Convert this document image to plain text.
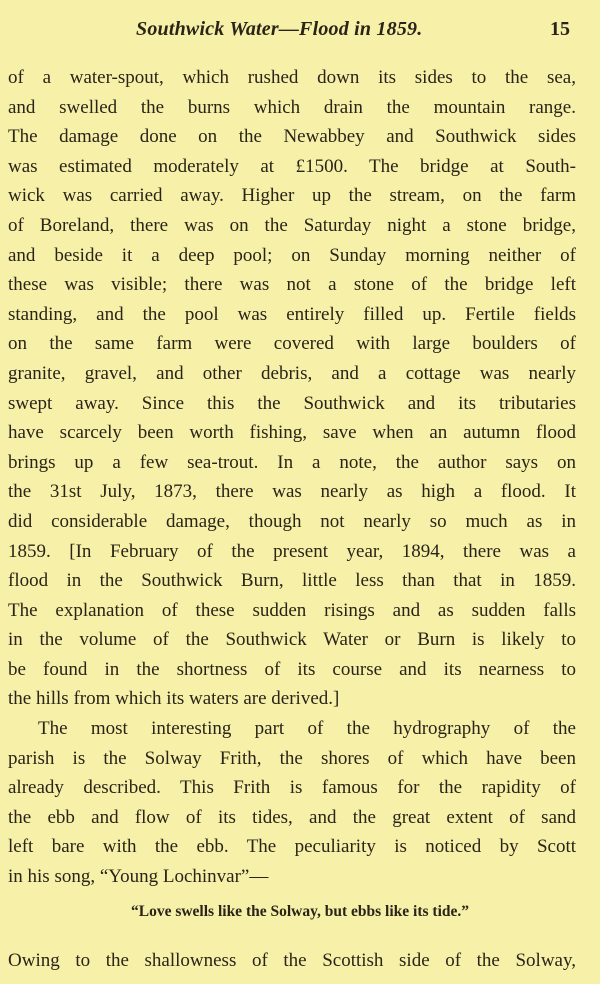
Southwick Water—Flood in 1859.	15
of a water-spout, which rushed down its sides to the sea,
and swelled the burns which drain the mountain range.
The damage done on the Newabbey and Southwick sides
was estimated moderately at £1500. The bridge at South-
wick was carried away. Higher up the stream, on the farm
of Boreland, there was on the Saturday night a stone bridge,
and beside it a deep pool; on Sunday morning neither of
these was visible; there was not a stone of the bridge left
standing, and the pool was entirely filled up. Fertile fields
on the same farm were covered with large boulders of
granite, gravel, and other debris, and a cottage was nearly
swept away. Since this the Southwick and its tributaries
have scarcely been worth fishing, save when an autumn flood
brings up a few sea-trout. In a note, the author says on
the 31st July, 1873, there was nearly as high a flood. It
did considerable damage, though not nearly so much as in
1859. [In February of the present year, 1894, there was a
flood in the Southwick Burn, little less than that in 1859.
The explanation of these sudden risings and as sudden falls
in the volume of the Southwick Water or Burn is likely to
be found in the shortness of its course and its nearness to
the hills from which its waters are derived.]
The most interesting part of the hydrography of the
parish is the Solway Frith, the shores of which have been
already described. This Frith is famous for the rapidity of
the ebb and flow of its tides, and the great extent of sand
left bare with the ebb. The peculiarity is noticed by Scott
in his song, “Young Lochinvar”—
“Love swells like the Solway, but ebbs like its tide.”
Owing to the shallowness of the Scottish side of the Solway,
